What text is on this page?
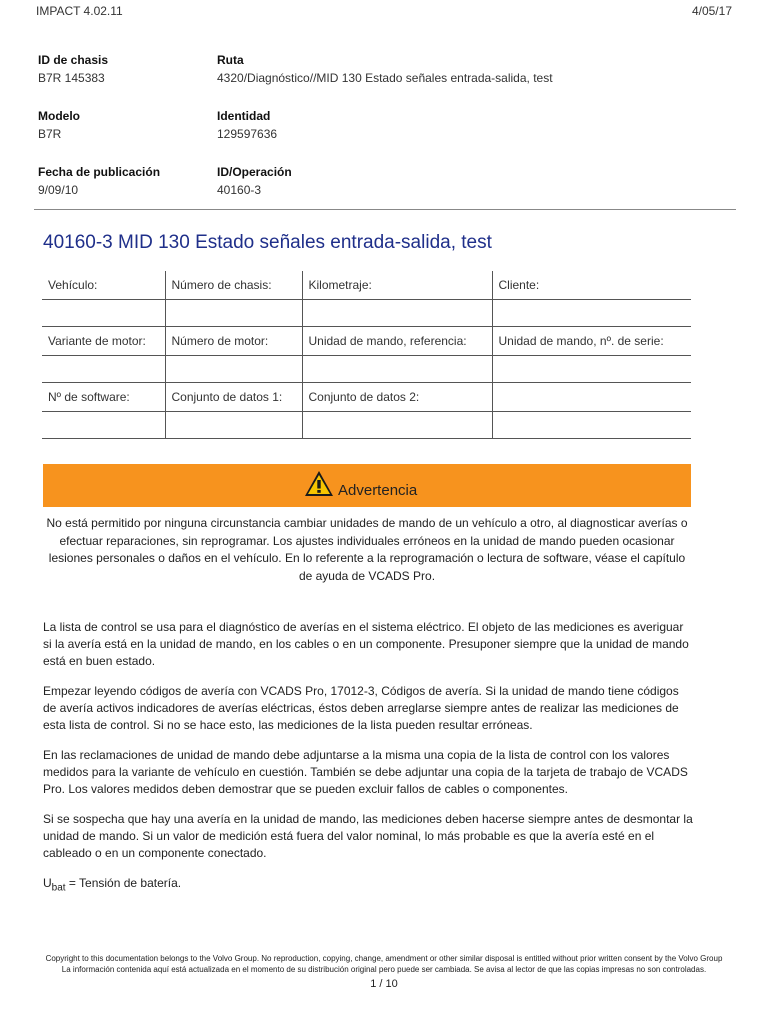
IMPACT 4.02.11	4/05/17
ID de chasis
B7R 145383
Ruta
4320/Diagnóstico//MID 130 Estado señales entrada-salida, test
Modelo
B7R
Identidad
129597636
Fecha de publicación
9/09/10
ID/Operación
40160-3
40160-3 MID 130 Estado señales entrada-salida, test
Vehículo:	Número de chasis:	Kilometraje:	Cliente:

Variante de motor:	Número de motor:	Unidad de mando, referencia:	Unidad de mando, nº. de serie:

Nº de software:	Conjunto de datos 1:	Conjunto de datos 2:	

Advertencia
No está permitido por ninguna circunstancia cambiar unidades de mando de un vehículo a otro, al diagnosticar averías o efectuar reparaciones, sin reprogramar. Los ajustes individuales erróneos en la unidad de mando pueden ocasionar lesiones personales o daños en el vehículo. En lo referente a la reprogramación o lectura de software, véase el capítulo de ayuda de VCADS Pro.

La lista de control se usa para el diagnóstico de averías en el sistema eléctrico. El objeto de las mediciones es averiguar si la avería está en la unidad de mando, en los cables o en un componente. Presuponer siempre que la unidad de mando está en buen estado.

Empezar leyendo códigos de avería con VCADS Pro, 17012-3, Códigos de avería. Si la unidad de mando tiene códigos de avería activos indicadores de averías eléctricas, éstos deben arreglarse siempre antes de realizar las mediciones de esta lista de control. Si no se hace esto, las mediciones de la lista pueden resultar erróneas.

En las reclamaciones de unidad de mando debe adjuntarse a la misma una copia de la lista de control con los valores medidos para la variante de vehículo en cuestión. También se debe adjuntar una copia de la tarjeta de trabajo de VCADS Pro. Los valores medidos deben demostrar que se pueden excluir fallos de cables o componentes.

Si se sospecha que hay una avería en la unidad de mando, las mediciones deben hacerse siempre antes de desmontar la unidad de mando. Si un valor de medición está fuera del valor nominal, lo más probable es que la avería esté en el cableado o en un componente conectado.

$U_{bat}$ = Tensión de batería.

Copyright to this documentation belongs to the Volvo Group. No reproduction, copying, change, amendment or other similar disposal is entitled without prior written consent by the Volvo Group
La información contenida aquí está actualizada en el momento de su distribución original pero puede ser cambiada. Se avisa al lector de que las copias impresas no son controladas.
1 / 10
